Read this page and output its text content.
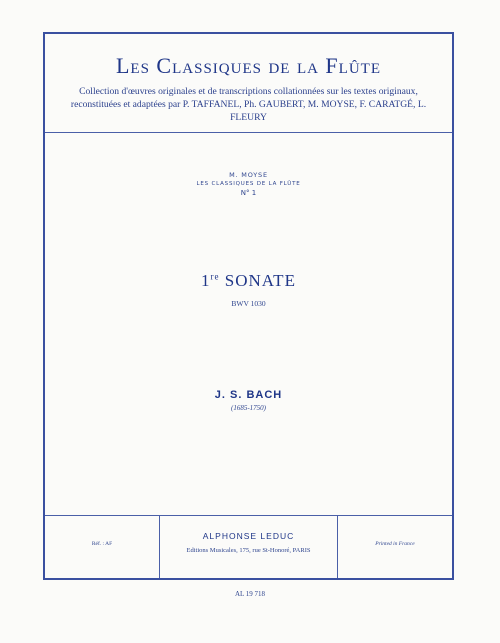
Les Classiques de la Flûte
Collection d'œuvres originales et de transcriptions collationnées sur les textes originaux, reconstituées et adaptées par P. TAFFANEL, Ph. GAUBERT, M. MOYSE, F. CARATGÉ, L. FLEURY
M. MOYSE
LES CLASSIQUES DE LA FLÛTE
N° 1
1re SONATE
BWV 1030
J. S. BACH
(1685-1750)
Réf. : AF
ALPHONSE LEDUC
Editions Musicales, 175, rue St-Honoré, PARIS
Printed in France
AL 19 718
